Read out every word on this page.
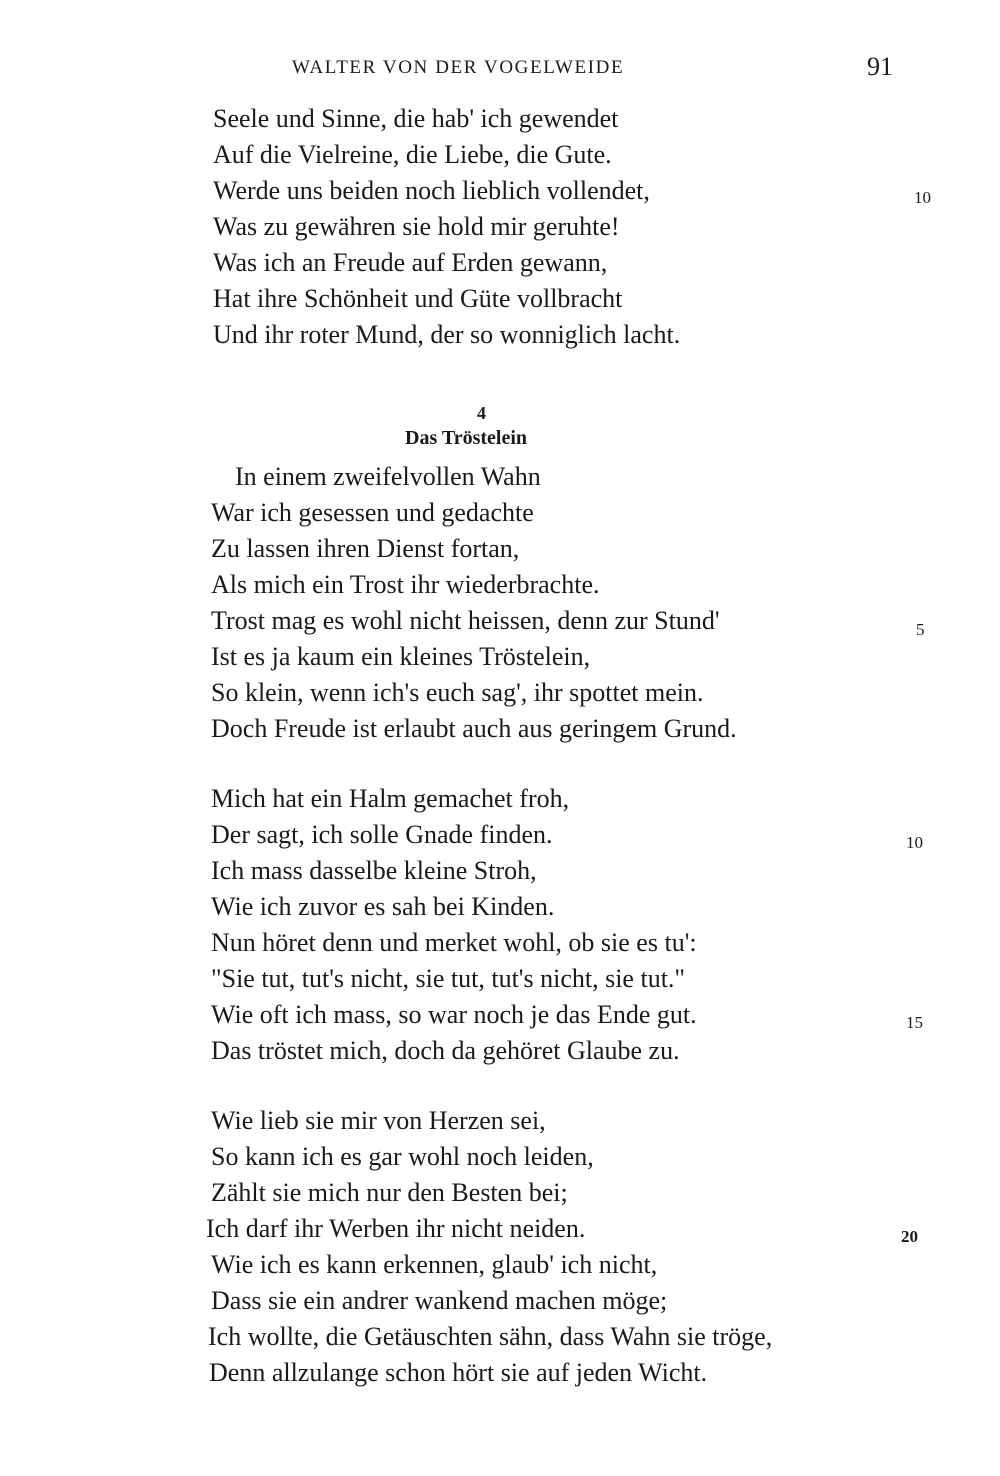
WALTER VON DER VOGELWEIDE	91
Seele und Sinne, die hab' ich gewendet
Auf die Vielreine, die Liebe, die Gute.
Werde uns beiden noch lieblich vollendet,	10
Was zu gewähren sie hold mir geruhte!
Was ich an Freude auf Erden gewann,
Hat ihre Schönheit und Güte vollbracht
Und ihr roter Mund, der so wonniglich lacht.
4
Das Tröstelein
In einem zweifelvollen Wahn
War ich gesessen und gedachte
Zu lassen ihren Dienst fortan,
Als mich ein Trost ihr wiederbrachte.
Trost mag es wohl nicht heissen, denn zur Stund'	5
Ist es ja kaum ein kleines Tröstelein,
So klein, wenn ich's euch sag', ihr spottet mein.
Doch Freude ist erlaubt auch aus geringem Grund.
Mich hat ein Halm gemachet froh,
Der sagt, ich solle Gnade finden.	10
Ich mass dasselbe kleine Stroh,
Wie ich zuvor es sah bei Kinden.
Nun höret denn und merket wohl, ob sie es tu':
"Sie tut, tut's nicht, sie tut, tut's nicht, sie tut."
Wie oft ich mass, so war noch je das Ende gut.	15
Das tröstet mich, doch da gehöret Glaube zu.
Wie lieb sie mir von Herzen sei,
So kann ich es gar wohl noch leiden,
Zählt sie mich nur den Besten bei;
Ich darf ihr Werben ihr nicht neiden.	20
Wie ich es kann erkennen, glaub' ich nicht,
Dass sie ein andrer wankend machen möge;
Ich wollte, die Getäuschten sähn, dass Wahn sie tröge,
Denn allzulange schon hört sie auf jeden Wicht.
